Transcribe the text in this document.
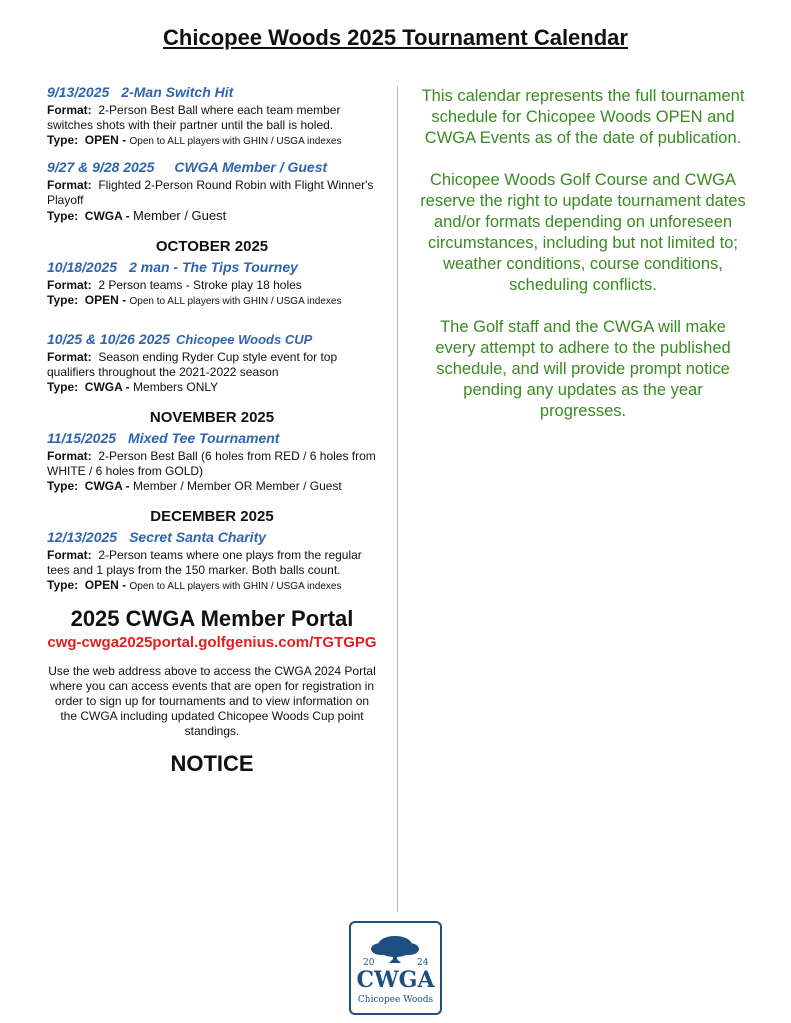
Chicopee Woods 2025 Tournament Calendar
9/13/2025 2-Man Switch Hit

Format: 2-Person Best Ball where each team member switches shots with their partner until the ball is holed.

Type: OPEN - Open to ALL players with GHIN / USGA indexes

9/27 & 9/28 2025 CWGA Member / Guest

Format: Flighted 2-Person Round Robin with Flight Winner's Playoff

Type: CWGA - Member / Guest

OCTOBER 2025
10/18/2025 2 man - The Tips Tourney

Format: 2 Person teams - Stroke play 18 holes

Type: OPEN - Open to ALL players with GHIN / USGA indexes

10/25 & 10/26 2025 Chicopee Woods CUP

Format: Season ending Ryder Cup style event for top qualifiers throughout the 2021-2022 season

Type: CWGA - Members ONLY

NOVEMBER 2025
11/15/2025 Mixed Tee Tournament

Format: 2-Person Best Ball (6 holes from RED / 6 holes from WHITE / 6 holes from GOLD)

Type: CWGA - Member / Member OR Member / Guest

DECEMBER 2025
12/13/2025 Secret Santa Charity

Format: 2-Person teams where one plays from the regular tees and 1 plays from the 150 marker. Both balls count.

Type: OPEN - Open to ALL players with GHIN / USGA indexes

2025 CWGA Member Portal
cwg-cwga2025portal.golfgenius.com/TGTGPG

Use the web address above to access the CWGA 2024 Portal where you can access events that are open for registration in order to sign up for tournaments and to view information on the CWGA including updated Chicopee Woods Cup point standings.

NOTICE

This calendar represents the full tournament schedule for Chicopee Woods OPEN and CWGA Events as of the date of publication.

Chicopee Woods Golf Course and CWGA reserve the right to update tournament dates and/or formats depending on unforeseen circumstances, including but not limited to; weather conditions, course conditions, scheduling conflicts.

The Golf staff and the CWGA will make every attempt to adhere to the published schedule, and will provide prompt notice pending any updates as the year progresses.

20	24
CWGA
Chicopee Woods
